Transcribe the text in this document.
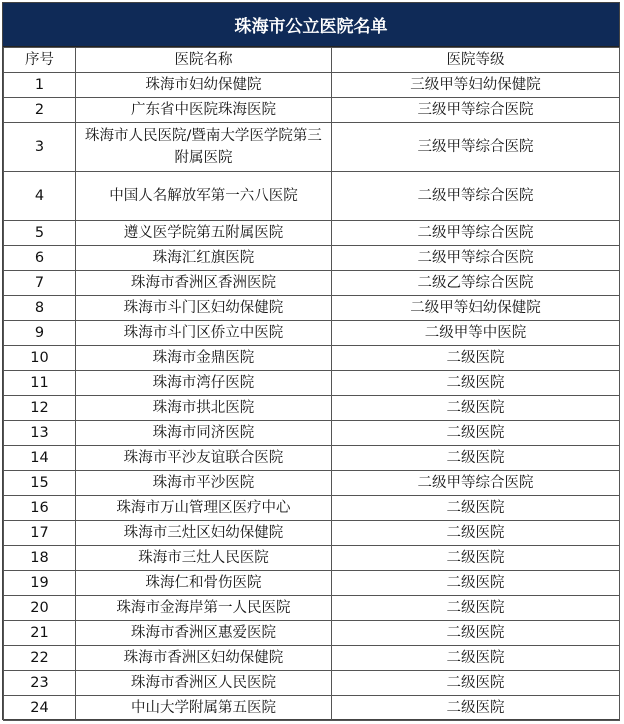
珠海市公立医院名单
序号	医院名称	医院等级
1	珠海市妇幼保健院	三级甲等妇幼保健院
2	广东省中医院珠海医院	三级甲等综合医院
3	珠海市人民医院/暨南大学医学院第三附属医院	三级甲等综合医院
4	中国人名解放军第一六八医院	二级甲等综合医院
5	遵义医学院第五附属医院	二级甲等综合医院
6	珠海汇红旗医院	二级甲等综合医院
7	珠海市香洲区香洲医院	二级乙等综合医院
8	珠海市斗门区妇幼保健院	二级甲等妇幼保健院
9	珠海市斗门区侨立中医院	二级甲等中医院
10	珠海市金鼎医院	二级医院
11	珠海市湾仔医院	二级医院
12	珠海市拱北医院	二级医院
13	珠海市同济医院	二级医院
14	珠海市平沙友谊联合医院	二级医院
15	珠海市平沙医院	二级甲等综合医院
16	珠海市万山管理区医疗中心	二级医院
17	珠海市三灶区妇幼保健院	二级医院
18	珠海市三灶人民医院	二级医院
19	珠海仁和骨伤医院	二级医院
20	珠海市金海岸第一人民医院	二级医院
21	珠海市香洲区惠爱医院	二级医院
22	珠海市香洲区妇幼保健院	二级医院
23	珠海市香洲区人民医院	二级医院
24	中山大学附属第五医院	二级医院
